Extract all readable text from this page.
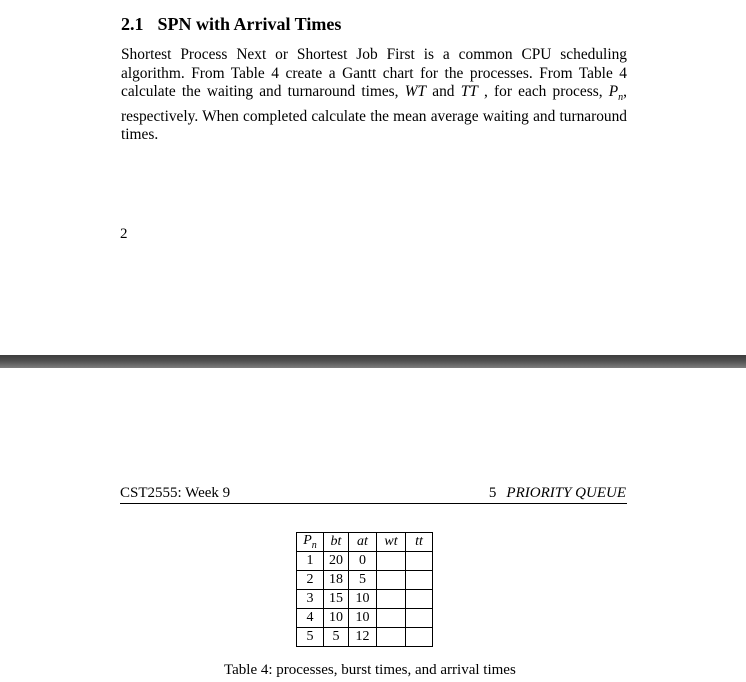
2.1 SPN with Arrival Times

Shortest Process Next or Shortest Job First is a common CPU scheduling algorithm. From Table 4 create a Gantt chart for the processes. From Table 4 calculate the waiting and turnaround times, WT and TT , for each process, $P_n$, respectively. When completed calculate the mean average waiting and turnaround times.

2
CST2555: Week 9	5 PRIORITY QUEUE
$P_n$	bt	at	wt	tt
1	20	0		
2	18	5		
3	15	10		
4	10	10		
5	5	12		
Table 4: processes, burst times, and arrival times
